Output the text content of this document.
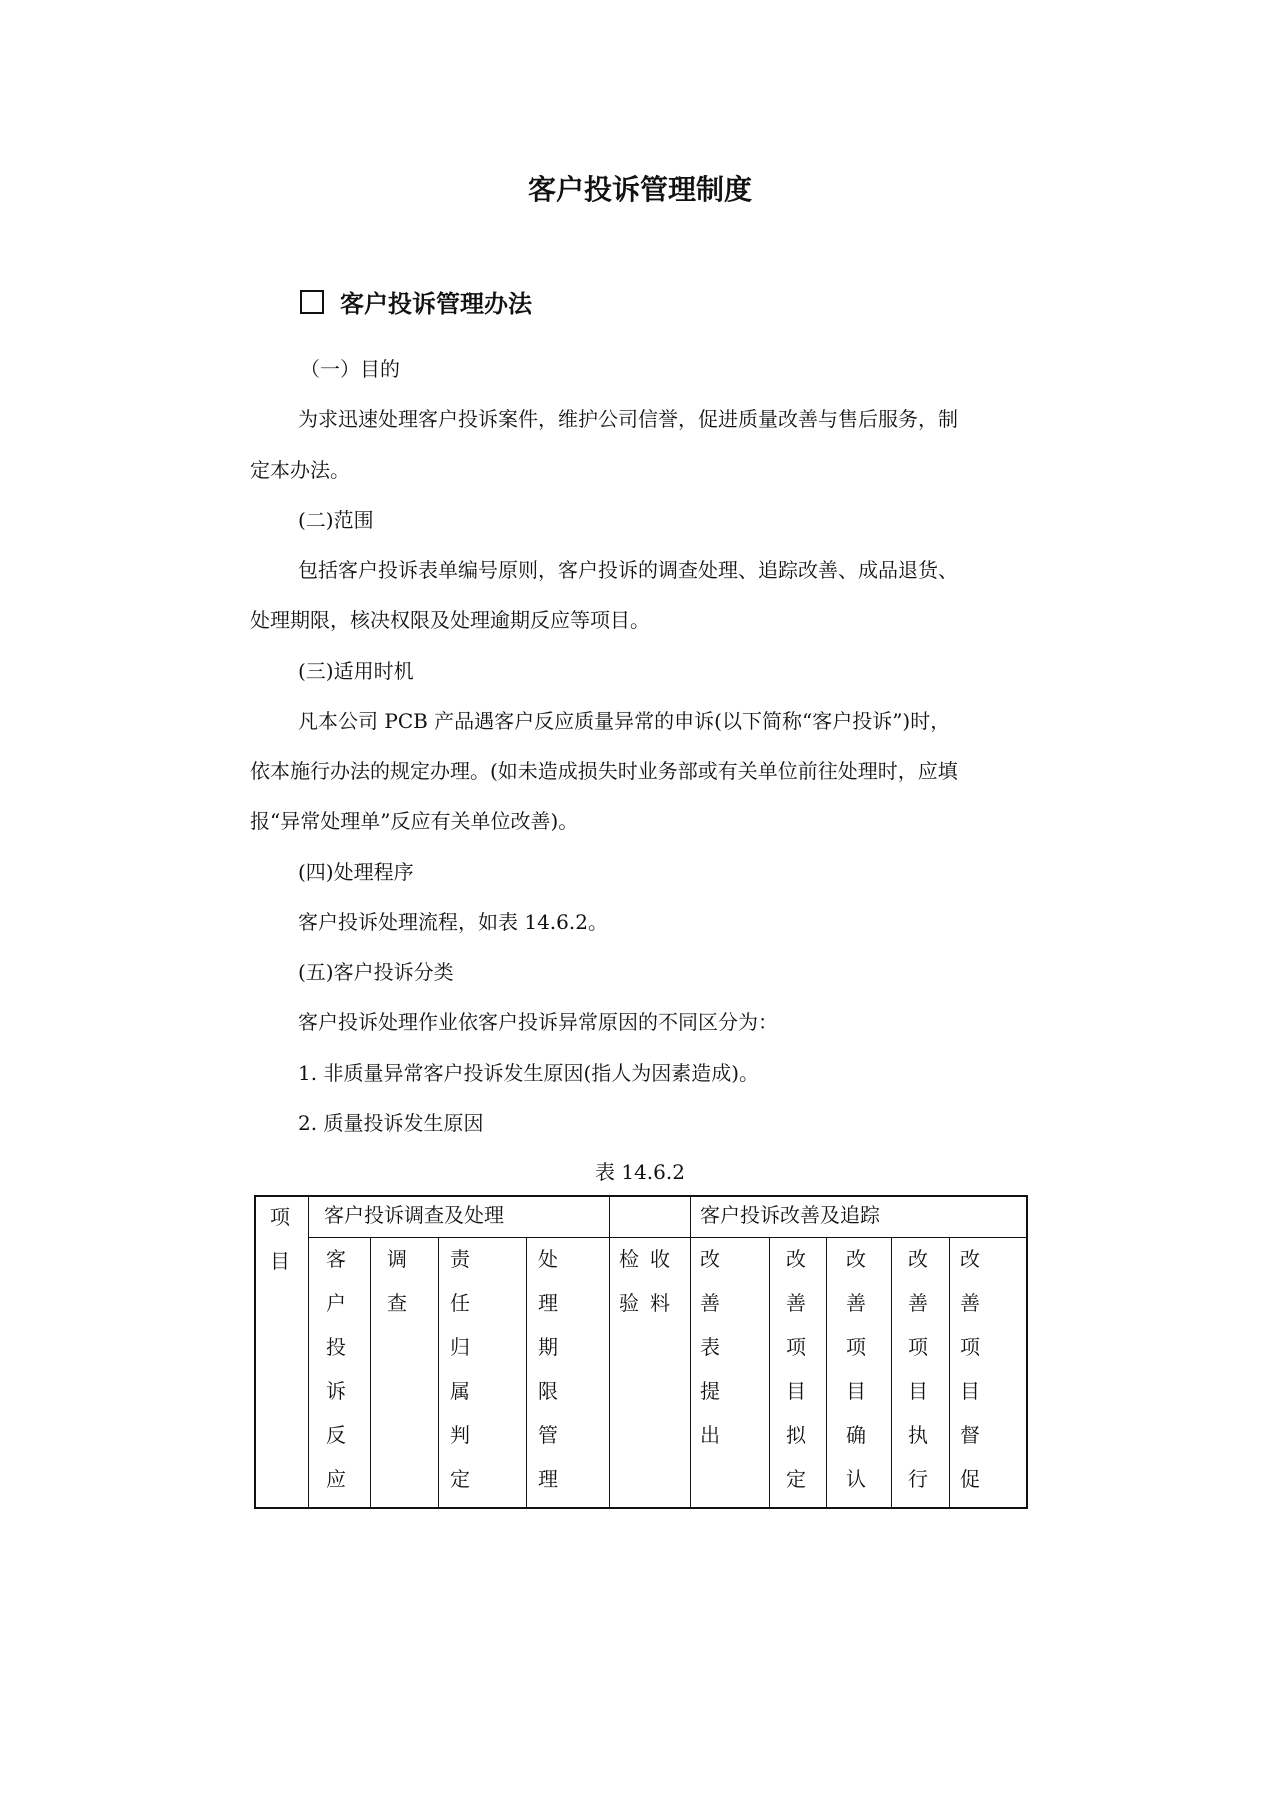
客户投诉管理制度
客户投诉管理办法
（一）目的
为求迅速处理客户投诉案件，维护公司信誉，促进质量改善与售后服务，制
定本办法。
(二)范围
包括客户投诉表单编号原则，客户投诉的调查处理、追踪改善、成品退货、
处理期限，核决权限及处理逾期反应等项目。
(三)适用时机
凡本公司 PCB 产品遇客户反应质量异常的申诉(以下简称“客户投诉”)时，
依本施行办法的规定办理。(如未造成损失时业务部或有关单位前往处理时，应填
报“异常处理单”反应有关单位改善)。
(四)处理程序
客户投诉处理流程，如表 14.6.2。
(五)客户投诉分类
客户投诉处理作业依客户投诉异常原因的不同区分为：
1. 非质量异常客户投诉发生原因(指人为因素造成)。
2. 质量投诉发生原因
表 14.6.2
项目
客户投诉调查及处理	客户投诉改善及追踪
客户投诉反应
调查
责任归属判定
处理期限管理
检验
收料
改善表提出
改善项目拟定
改善项目确认
改善项目执行
改善项目督促
